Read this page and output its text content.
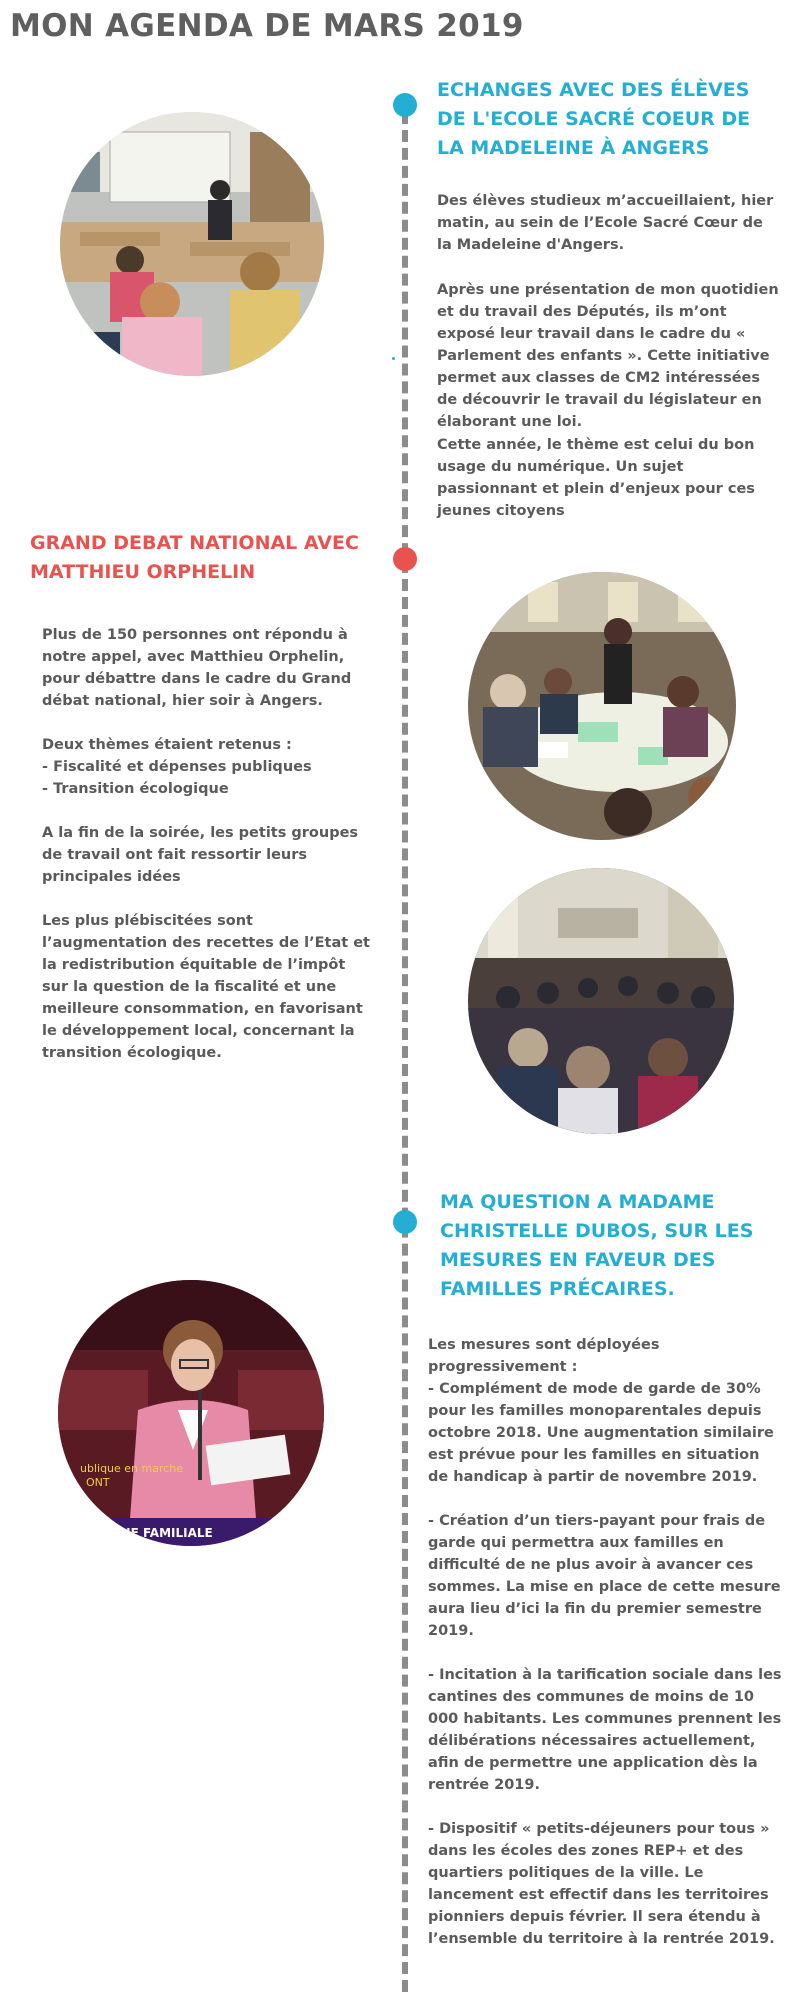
MON AGENDA DE MARS 2019
ECHANGES AVEC DES ÉLÈVES DE L'ECOLE SACRÉ COEUR DE LA MADELEINE À ANGERS

Des élèves studieux m’accueillaient, hier matin, au sein de l’Ecole Sacré Cœur de la Madeleine d'Angers.

Après une présentation de mon quotidien et du travail des Députés, ils m’ont exposé leur travail dans le cadre du « Parlement des enfants ». Cette initiative permet aux classes de CM2 intéressées de découvrir le travail du législateur en élaborant une loi.

Cette année, le thème est celui du bon usage du numérique. Un sujet passionnant et plein d’enjeux pour ces jeunes citoyens

GRAND DEBAT NATIONAL AVEC MATTHIEU ORPHELIN

Plus de 150 personnes ont répondu à notre appel, avec Matthieu Orphelin, pour débattre dans le cadre du Grand débat national, hier soir à Angers.

Deux thèmes étaient retenus :
- Fiscalité et dépenses publiques
- Transition écologique

A la fin de la soirée, les petits groupes de travail ont fait ressortir leurs principales idées

Les plus plébiscitées sont l’augmentation des recettes de l’Etat et la redistribution équitable de l’impôt sur la question de la fiscalité et une meilleure consommation, en favorisant le développement local, concernant la transition écologique.

MA QUESTION A MADAME CHRISTELLE DUBOS, SUR LES MESURES EN FAVEUR DES FAMILLES PRÉCAIRES.

Les mesures sont déployées progressivement :
- Complément de mode de garde de 30% pour les familles monoparentales depuis octobre 2018. Une augmentation similaire est prévue pour les familles en situation de handicap à partir de novembre 2019.

- Création d’un tiers-payant pour frais de garde qui permettra aux familles en difficulté de ne plus avoir à avancer ces sommes. La mise en place de cette mesure aura lieu d’ici la fin du premier semestre 2019.

- Incitation à la tarification sociale dans les cantines des communes de moins de 10 000 habitants. Les communes prennent les délibérations nécessaires actuellement, afin de permettre une application dès la rentrée 2019.

- Dispositif « petits-déjeuners pour tous » dans les écoles des zones REP+ et des quartiers politiques de la ville. Le lancement est effectif dans les territoires pionniers depuis février. Il sera étendu à l’ensemble du territoire à la rentrée 2019.

ublique en marche
ONT
TIQUE FAMILIALE
